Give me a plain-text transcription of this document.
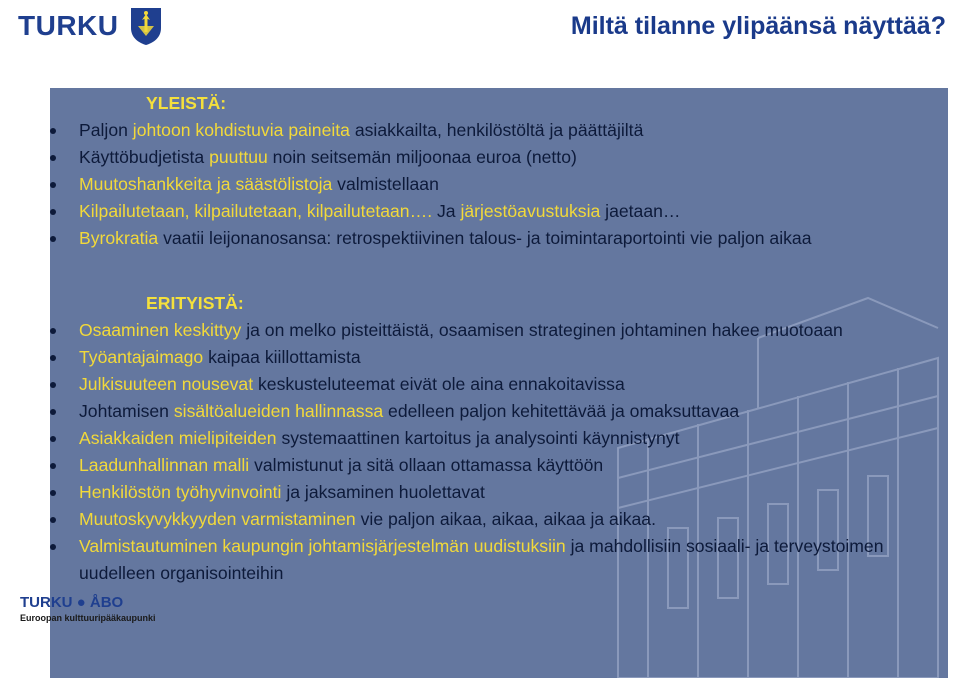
TURKU	Miltä tilanne ylipäänsä näyttää?
YLEISTÄ:
Paljon johtoon kohdistuvia paineita asiakkailta, henkilöstöltä ja päättäjiltä
Käyttöbudjetista puuttuu noin seitsemän miljoonaa euroa (netto)
Muutoshankkeita ja säästölistoja valmistellaan
Kilpailutetaan, kilpailutetaan, kilpailutetaan…. Ja järjestöavustuksia jaetaan…
Byrokratia vaatii leijonanosansa: retrospektiivinen talous- ja toimintaraportointi vie paljon aikaa
ERITYISTÄ:
Osaaminen keskittyy ja on melko pisteittäistä, osaamisen strateginen johtaminen hakee muotoaan
Työantajaimago kaipaa kiillottamista
Julkisuuteen nousevat keskusteluteemat eivät ole aina ennakoitavissa
Johtamisen sisältöalueiden hallinnassa edelleen paljon kehitettävää ja omaksuttavaa
Asiakkaiden mielipiteiden systemaattinen kartoitus ja analysointi käynnistynyt
Laadunhallinnan malli valmistunut ja sitä ollaan ottamassa käyttöön
Henkilöstön työhyvinvointi ja jaksaminen huolettavat
Muutoskyvykkyyden varmistaminen vie paljon aikaa, aikaa, aikaa ja aikaa.
Valmistautuminen kaupungin johtamisjärjestelmän uudistuksiin ja mahdollisiin sosiaali- ja terveystoimen uudelleen organisointeihin
TURKU ● ÅBO
Euroopan kulttuuripääkaupunki
